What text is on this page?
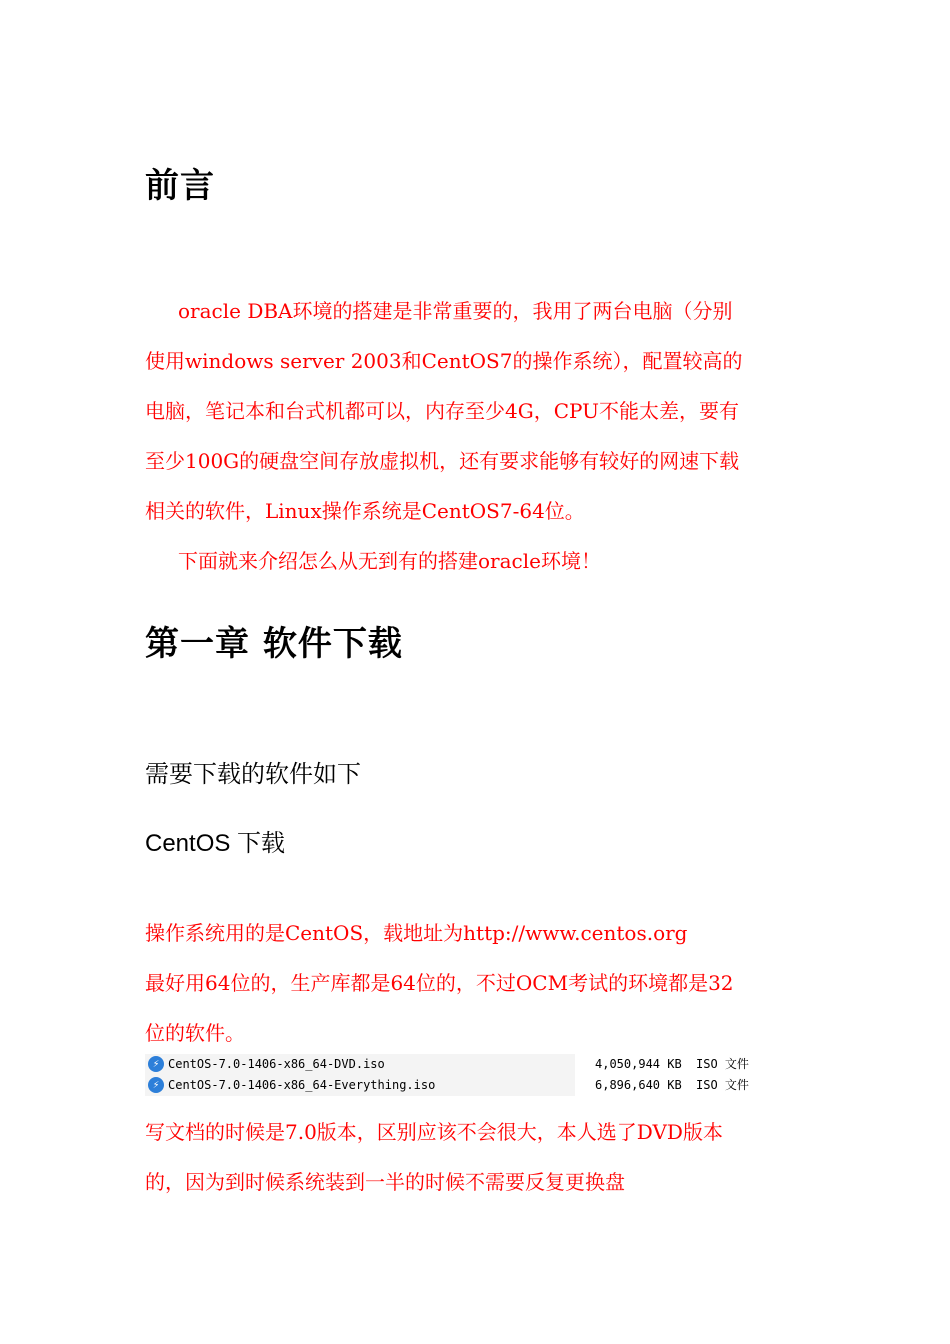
前言
oracle DBA环境的搭建是非常重要的，我用了两台电脑（分别
使用windows server 2003和CentOS7的操作系统），配置较高的
电脑，笔记本和台式机都可以，内存至少4G，CPU不能太差，要有
至少100G的硬盘空间存放虚拟机，还有要求能够有较好的网速下载
相关的软件，Linux操作系统是CentOS7-64位。
下面就来介绍怎么从无到有的搭建oracle环境！
第一章 软件下载
需要下载的软件如下
CentOS 下载
操作系统用的是CentOS，载地址为http://www.centos.org
最好用64位的，生产库都是64位的，不过OCM考试的环境都是32
位的软件。
⚡ CentOS-7.0-1406-x86_64-DVD.iso	4,050,944 KB ISO 文件
⚡ CentOS-7.0-1406-x86_64-Everything.iso	6,896,640 KB ISO 文件
写文档的时候是7.0版本，区别应该不会很大，本人选了DVD版本
的，因为到时候系统装到一半的时候不需要反复更换盘
